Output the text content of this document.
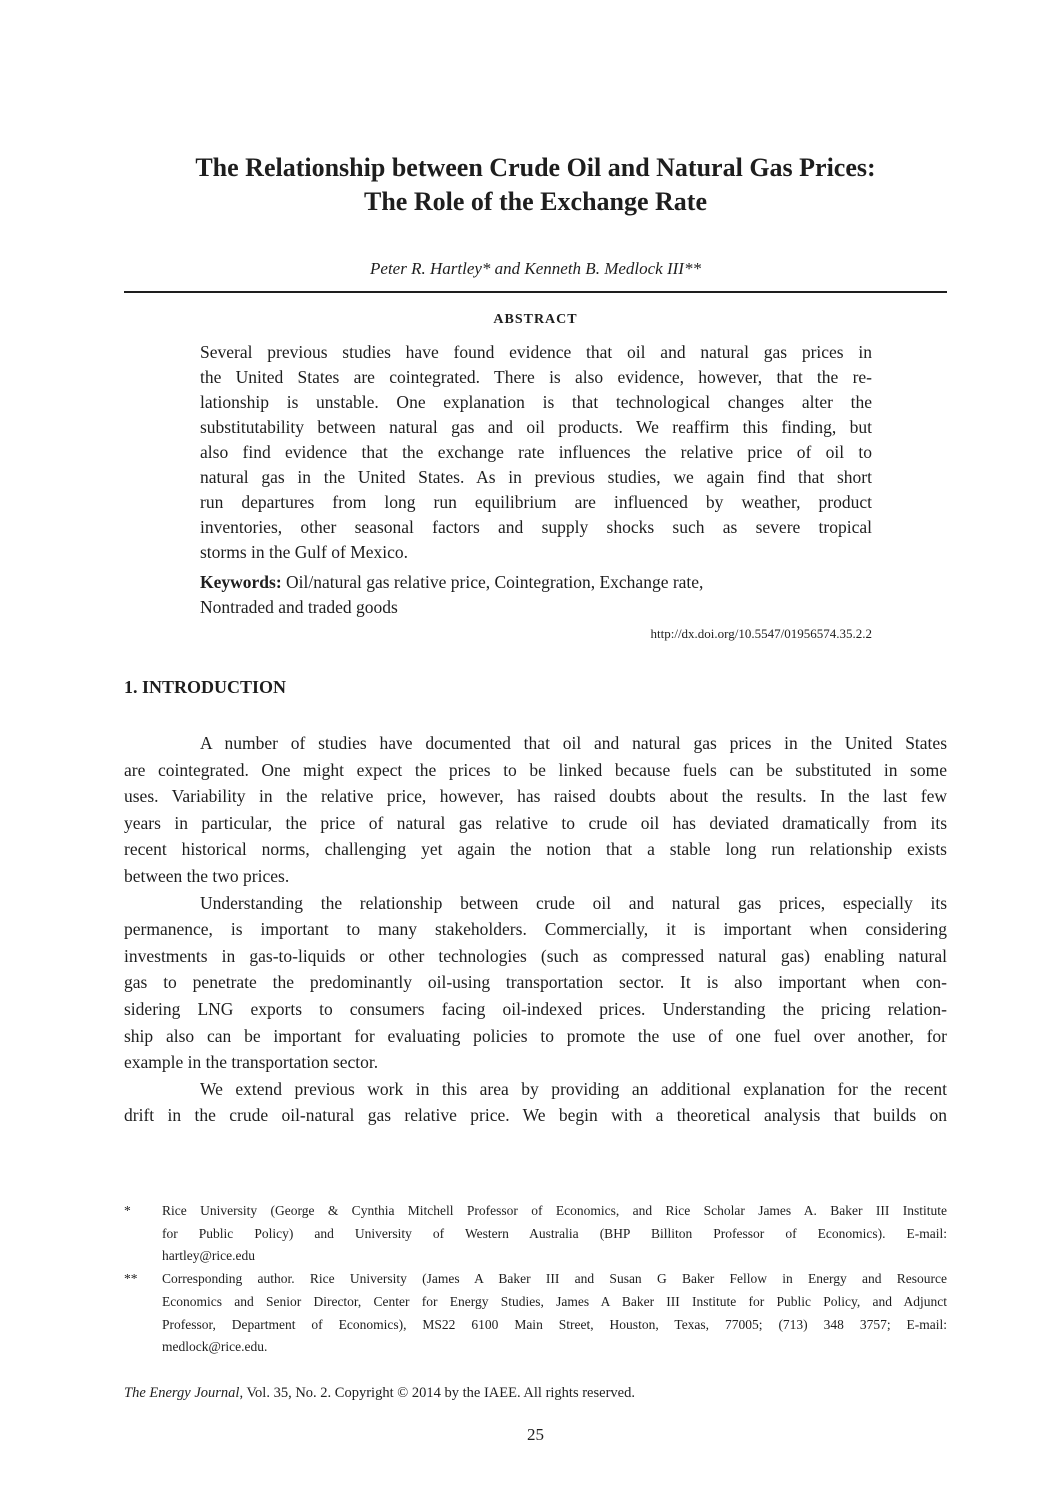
The Relationship between Crude Oil and Natural Gas Prices:
The Role of the Exchange Rate
Peter R. Hartley* and Kenneth B. Medlock III**
ABSTRACT
Several previous studies have found evidence that oil and natural gas prices in
the United States are cointegrated. There is also evidence, however, that the re-
lationship is unstable. One explanation is that technological changes alter the
substitutability between natural gas and oil products. We reaffirm this finding, but
also find evidence that the exchange rate influences the relative price of oil to
natural gas in the United States. As in previous studies, we again find that short
run departures from long run equilibrium are influenced by weather, product
inventories, other seasonal factors and supply shocks such as severe tropical
storms in the Gulf of Mexico.
Keywords: Oil/natural gas relative price, Cointegration, Exchange rate,
Nontraded and traded goods
http://dx.doi.org/10.5547/01956574.35.2.2
1. INTRODUCTION
A number of studies have documented that oil and natural gas prices in the United States
are cointegrated. One might expect the prices to be linked because fuels can be substituted in some
uses. Variability in the relative price, however, has raised doubts about the results. In the last few
years in particular, the price of natural gas relative to crude oil has deviated dramatically from its
recent historical norms, challenging yet again the notion that a stable long run relationship exists
between the two prices.
Understanding the relationship between crude oil and natural gas prices, especially its
permanence, is important to many stakeholders. Commercially, it is important when considering
investments in gas-to-liquids or other technologies (such as compressed natural gas) enabling natural
gas to penetrate the predominantly oil-using transportation sector. It is also important when con-
sidering LNG exports to consumers facing oil-indexed prices. Understanding the pricing relation-
ship also can be important for evaluating policies to promote the use of one fuel over another, for
example in the transportation sector.
We extend previous work in this area by providing an additional explanation for the recent
drift in the crude oil-natural gas relative price. We begin with a theoretical analysis that builds on
* Rice University (George & Cynthia Mitchell Professor of Economics, and Rice Scholar James A. Baker III Institute
for Public Policy) and University of Western Australia (BHP Billiton Professor of Economics). E-mail:
hartley@rice.edu
** Corresponding author. Rice University (James A Baker III and Susan G Baker Fellow in Energy and Resource
Economics and Senior Director, Center for Energy Studies, James A Baker III Institute for Public Policy, and Adjunct
Professor, Department of Economics), MS22 6100 Main Street, Houston, Texas, 77005; (713) 348 3757; E-mail:
medlock@rice.edu.
The Energy Journal, Vol. 35, No. 2. Copyright © 2014 by the IAEE. All rights reserved.
25
